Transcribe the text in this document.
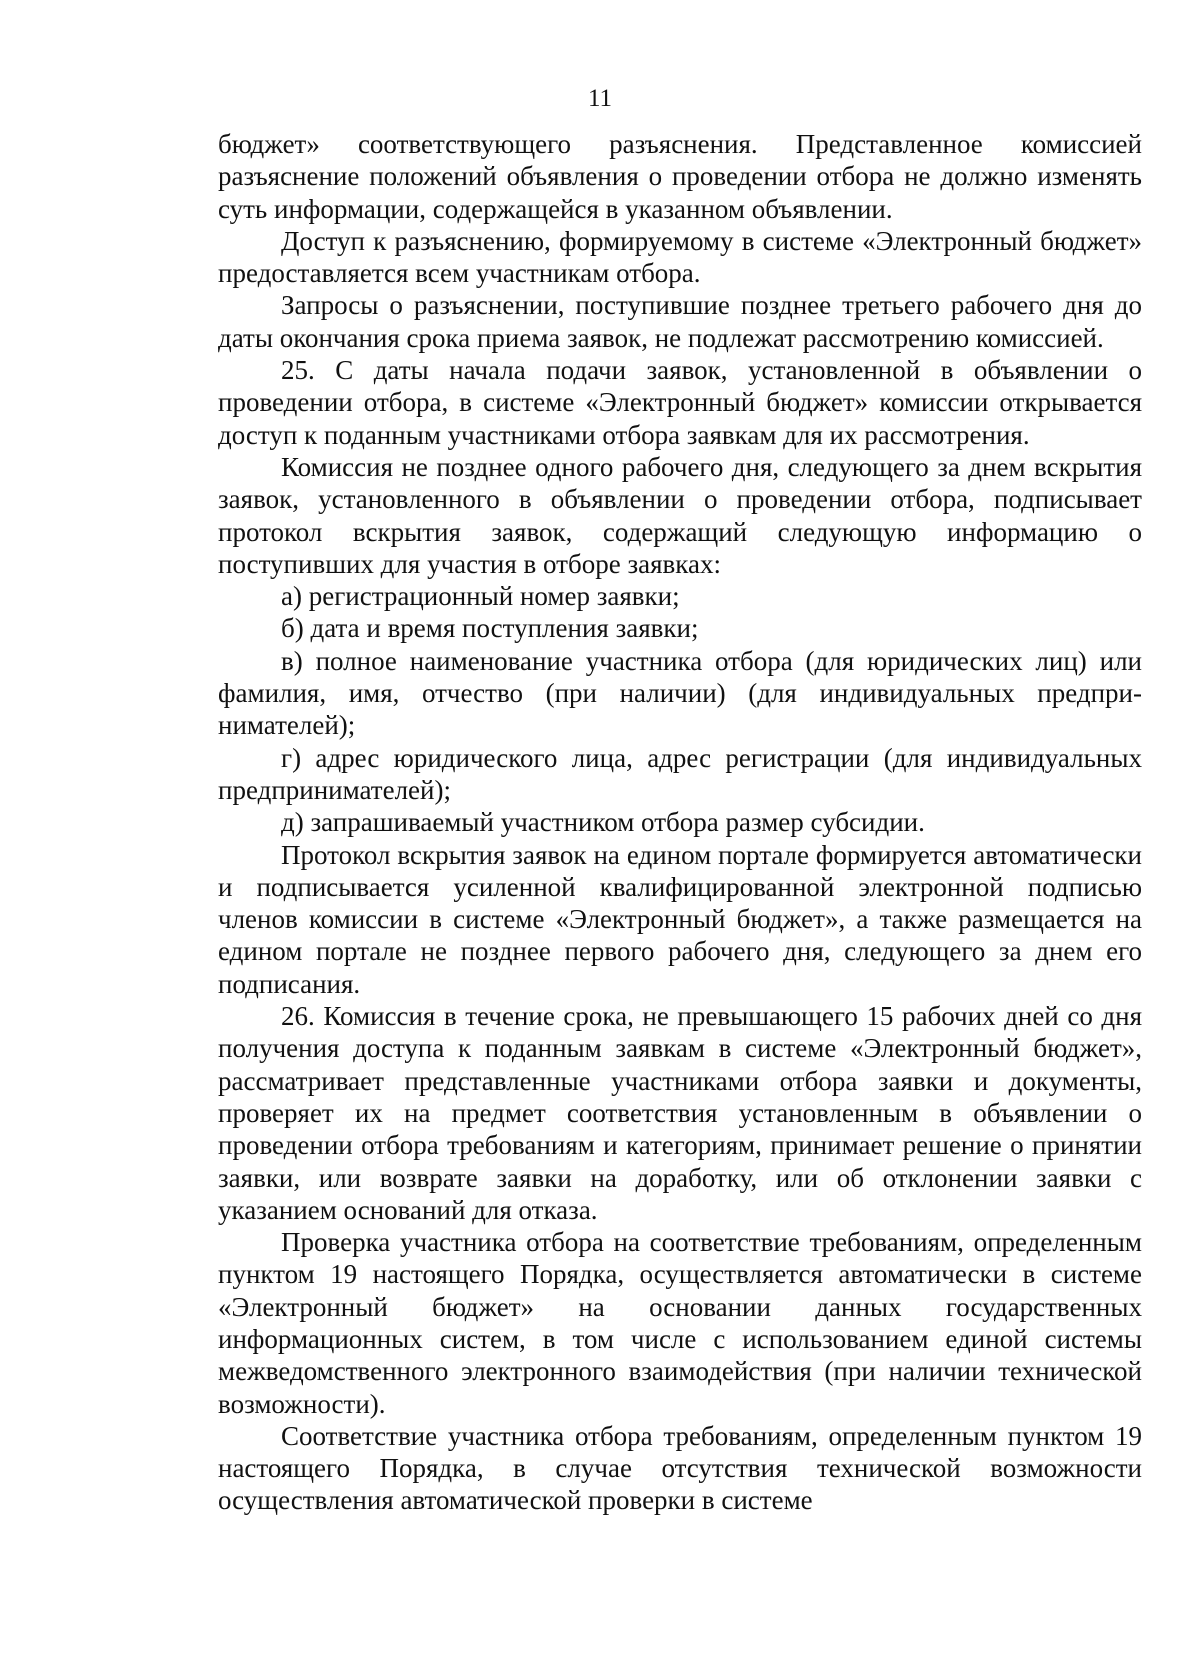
11

бюджет» соответствующего разъяснения. Представленное комиссией разъяснение положений объявления о проведении отбора не должно изменять суть информации, содержащейся в указанном объявлении.

Доступ к разъяснению, формируемому в системе «Электронный бюджет» предоставляется всем участникам отбора.

Запросы о разъяснении, поступившие позднее третьего рабочего дня до даты окончания срока приема заявок, не подлежат рассмотрению комиссией.

25. С даты начала подачи заявок, установленной в объявлении о проведении отбора, в системе «Электронный бюджет» комиссии открывается доступ к поданным участниками отбора заявкам для их рассмотрения.

Комиссия не позднее одного рабочего дня, следующего за днем вскрытия заявок, установленного в объявлении о проведении отбора, подписывает протокол вскрытия заявок, содержащий следующую информацию о поступивших для участия в отборе заявках:

а) регистрационный номер заявки;

б) дата и время поступления заявки;

в) полное наименование участника отбора (для юридических лиц) или фамилия, имя, отчество (при наличии) (для индивидуальных предпри-нимателей);

г) адрес юридического лица, адрес регистрации (для индивидуальных предпринимателей);

д) запрашиваемый участником отбора размер субсидии.

Протокол вскрытия заявок на едином портале формируется автоматически и подписывается усиленной квалифицированной электронной подписью членов комиссии в системе «Электронный бюджет», а также размещается на едином портале не позднее первого рабочего дня, следующего за днем его подписания.

26. Комиссия в течение срока, не превышающего 15 рабочих дней со дня получения доступа к поданным заявкам в системе «Электронный бюджет», рассматривает представленные участниками отбора заявки и документы, проверяет их на предмет соответствия установленным в объявлении о проведении отбора требованиям и категориям, принимает решение о принятии заявки, или возврате заявки на доработку, или об отклонении заявки с указанием оснований для отказа.

Проверка участника отбора на соответствие требованиям, определенным пунктом 19 настоящего Порядка, осуществляется автоматически в системе «Электронный бюджет» на основании данных государственных информационных систем, в том числе с использованием единой системы межведомственного электронного взаимодействия (при наличии технической возможности).

Соответствие участника отбора требованиям, определенным пунктом 19 настоящего Порядка, в случае отсутствия технической возможности осуществления автоматической проверки в системе
